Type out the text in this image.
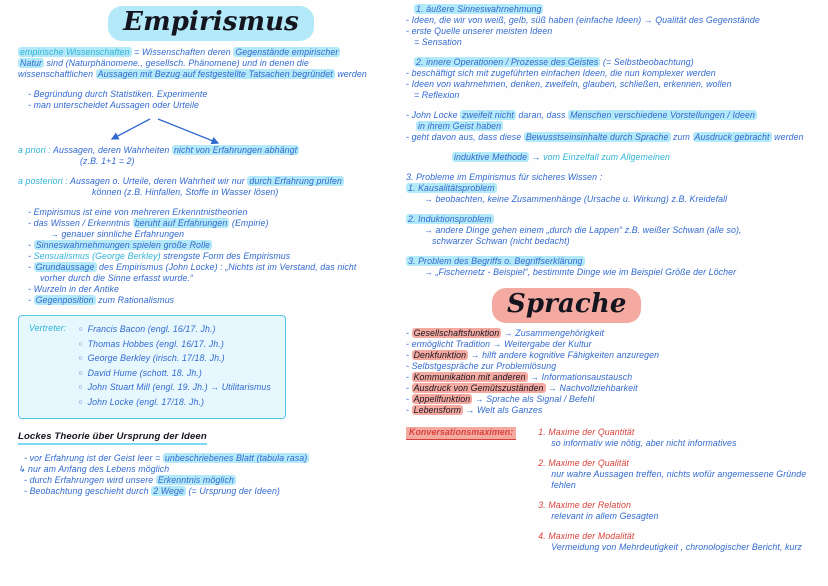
Empirismus
empirische Wissenschaften = Wissenschaften deren Gegenstände empirischer
Natur sind (Naturphänomene., gesellsch. Phänomene) und in denen die
wissenschaftlichen Aussagen mit Bezug auf festgestellte Tatsachen begründet werden
- Begründung durch Statistiken. Experimente
- man unterscheidet Aussagen oder Urteile
a priori : Aussagen, deren Wahrheiten nicht von Erfahrungen abhängt
(z.B. 1+1 = 2)
a posteriori : Aussagen o. Urteile, deren Wahrheit wir nur durch Erfahrung prüfen
können (z.B. Hinfallen, Stoffe in Wasser lösen)
- Empirismus ist eine von mehreren Erkenntnistheorien
- das Wissen / Erkenntnis beruht auf Erfahrungen (Empirie)
→ genauer sinnliche Erfahrungen
- Sinneswahrnehmungen spielen große Rolle
- Sensualismus (George Berkley) strengste Form des Empirismus
- Grundaussage des Empirismus (John Locke) : „Nichts ist im Verstand, das nicht
vorher durch die Sinne erfasst wurde.“
- Wurzeln in der Antike
- Gegenposition zum Rationalismus
Vertreter:	○ Francis Bacon (engl. 16/17. Jh.)
○ Thomas Hobbes (engl. 16/17. Jh.)
○ George Berkley (irisch. 17/18. Jh.)
○ David Hume (schott. 18. Jh.)
○ John Stuart Mill (engl. 19. Jh.) → Utilitarismus
○ John Locke (engl. 17/18. Jh.)
Lockes Theorie über Ursprung der Ideen
- vor Erfahrung ist der Geist leer = unbeschriebenes Blatt (tabula rasa)
↳ nur am Anfang des Lebens möglich
- durch Erfahrungen wird unsere Erkenntnis möglich
- Beobachtung geschieht durch 2 Wege (= Ursprung der Ideen)
1. äußere Sinneswahrnehmung
- Ideen, die wir von weiß, gelb, süß haben (einfache Ideen) → Qualität des Gegenstände
- erste Quelle unserer meisten Ideen
= Sensation
2. innere Operationen / Prozesse des Geistes (= Selbstbeobachtung)
- beschäftigt sich mit zugeführten einfachen Ideen, die nun komplexer werden
- Ideen von wahrnehmen, denken, zweifeln, glauben, schließen, erkennen, wollen
= Reflexion
- John Locke zweifelt nicht daran, dass Menschen verschiedene Vorstellungen / Ideen
in ihrem Geist haben
- geht davon aus, dass diese Bewusstseinsinhalte durch Sprache zum Ausdruck gebracht werden
induktive Methode → vom Einzelfall zum Allgemeinen
3. Probleme im Empirismus für sicheres Wissen :
1. Kausalitätsproblem
→ beobachten, keine Zusammenhänge (Ursache u. Wirkung) z.B. Kreidefall
2. Induktionsproblem
→ andere Dinge gehen einem „durch die Lappen“ z.B. weißer Schwan (alle so),
schwarzer Schwan (nicht bedacht)
3. Problem des Begriffs o. Begriffserklärung
→ „Fischernetz - Beispiel“, bestimmte Dinge wie im Beispiel Größe der Löcher
Sprache
- Gesellschaftsfunktion → Zusammengehörigkeit
- ermöglicht Tradition → Weitergabe der Kultur
- Denkfunktion → hilft andere kognitive Fähigkeiten anzuregen
- Selbstgespräche zur Problemlösung
- Kommunikation mit anderen → Informationsaustausch
- Ausdruck von Gemütszuständen → Nachvollziehbarkeit
- Appellfunktion → Sprache als Signal / Befehl
- Lebensform → Welt als Ganzes
Konversationsmaximen:	1. Maxime der Quantität
so informativ wie nötig, aber nicht informatives
2. Maxime der Qualität
nur wahre Aussagen treffen, nichts wofür angemessene Gründe fehlen
3. Maxime der Relation
relevant in allem Gesagten
4. Maxime der Modalität
Vermeidung von Mehrdeutigkeit , chronologischer Bericht, kurz
